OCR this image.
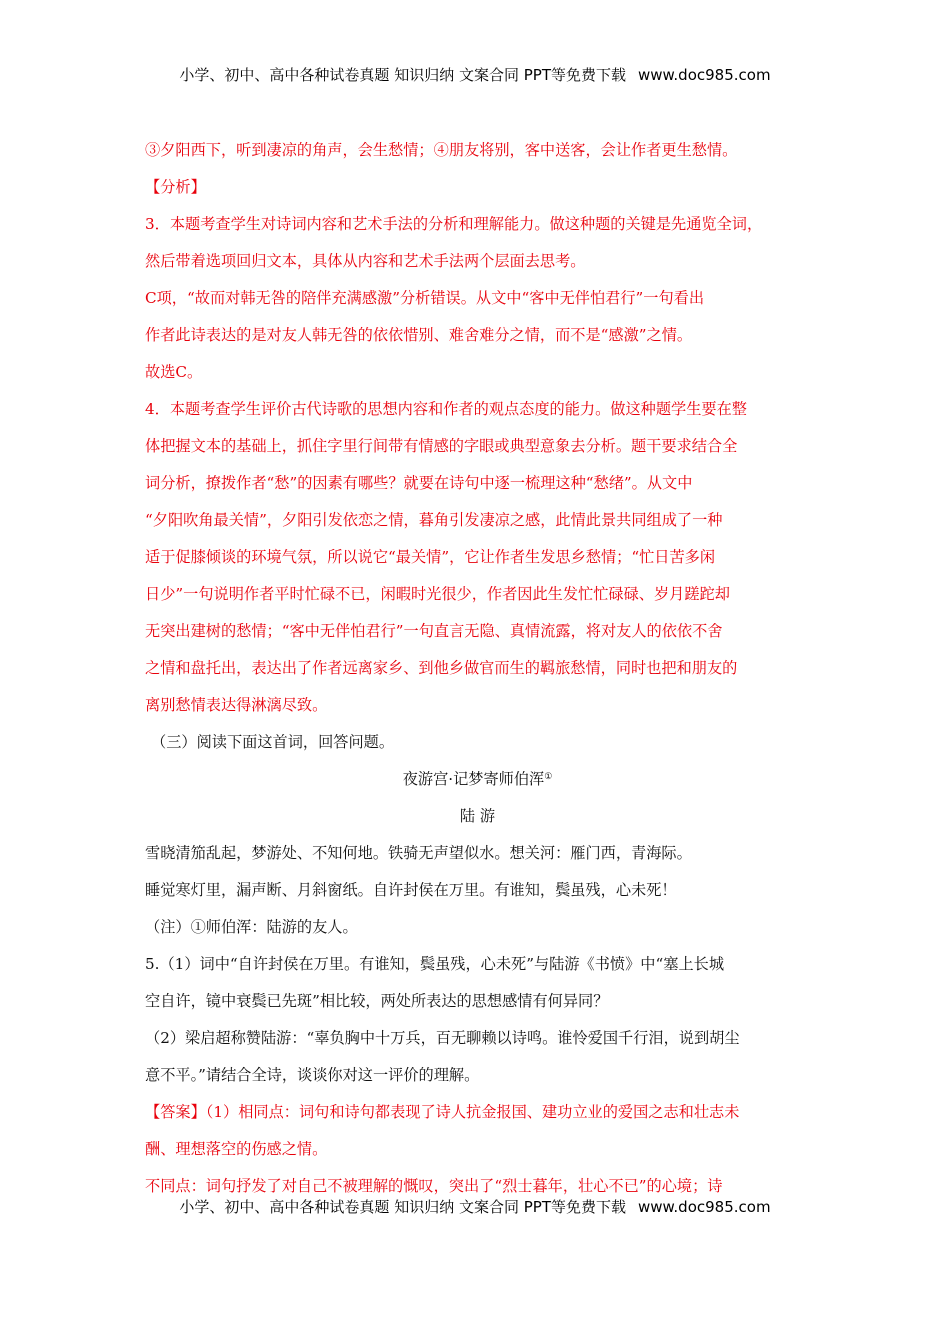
小学、初中、高中各种试卷真题 知识归纳 文案合同 PPT等免费下载 www.doc985.com
③夕阳西下，听到凄凉的角声，会生愁情；④朋友将别，客中送客，会让作者更生愁情。
【分析】
3．本题考查学生对诗词内容和艺术手法的分析和理解能力。做这种题的关键是先通览全词，
然后带着选项回归文本，具体从内容和艺术手法两个层面去思考。
C项，“故而对韩无咎的陪伴充满感激”分析错误。从文中“客中无伴怕君行”一句看出
作者此诗表达的是对友人韩无咎的依依惜别、难舍难分之情，而不是“感激”之情。
故选C。
4．本题考查学生评价古代诗歌的思想内容和作者的观点态度的能力。做这种题学生要在整
体把握文本的基础上，抓住字里行间带有情感的字眼或典型意象去分析。题干要求结合全
词分析，撩拨作者“愁”的因素有哪些？就要在诗句中逐一梳理这种“愁绪”。从文中
“夕阳吹角最关情”，夕阳引发依恋之情，暮角引发凄凉之感，此情此景共同组成了一种
适于促膝倾谈的环境气氛，所以说它“最关情”，它让作者生发思乡愁情；“忙日苦多闲
日少”一句说明作者平时忙碌不已，闲暇时光很少，作者因此生发忙忙碌碌、岁月蹉跎却
无突出建树的愁情；“客中无伴怕君行”一句直言无隐、真情流露，将对友人的依依不舍
之情和盘托出，表达出了作者远离家乡、到他乡做官而生的羁旅愁情，同时也把和朋友的
离别愁情表达得淋漓尽致。
（三）阅读下面这首词，回答问题。
夜游宫·记梦寄师伯浑①
陆 游
雪晓清笳乱起，梦游处、不知何地。铁骑无声望似水。想关河：雁门西，青海际。
睡觉寒灯里，漏声断、月斜窗纸。自许封侯在万里。有谁知，鬓虽残，心未死！
（注）①师伯浑：陆游的友人。
5.（1）词中“自许封侯在万里。有谁知，鬓虽残，心未死”与陆游《书愤》中“塞上长城
空自许，镜中衰鬓已先斑”相比较，两处所表达的思想感情有何异同？
（2）梁启超称赞陆游：“辜负胸中十万兵，百无聊赖以诗鸣。谁怜爱国千行泪，说到胡尘
意不平。”请结合全诗，谈谈你对这一评价的理解。
【答案】（1）相同点：词句和诗句都表现了诗人抗金报国、建功立业的爱国之志和壮志未
酬、理想落空的伤感之情。
不同点：词句抒发了对自己不被理解的慨叹，突出了“烈士暮年，壮心不已”的心境；诗
小学、初中、高中各种试卷真题 知识归纳 文案合同 PPT等免费下载 www.doc985.com
